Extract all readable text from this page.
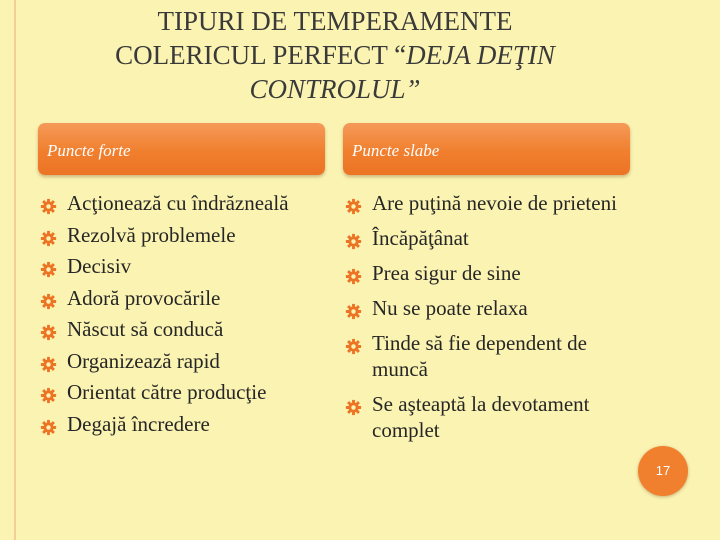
TIPURI DE TEMPERAMENTE
COLERICUL PERFECT “DEJA DEŢIN
CONTROLUL”
Puncte forte	Puncte slabe
Acţionează cu îndrăzneală
Rezolvă problemele
Decisiv
Adoră provocările
Născut să conducă
Organizează rapid
Orientat către producţie
Degajă încredere
Are puţină nevoie de prieteni
Încăpăţânat
Prea sigur de sine
Nu se poate relaxa
Tinde să fie dependent de muncă
Se aşteaptă la devotament complet
17
